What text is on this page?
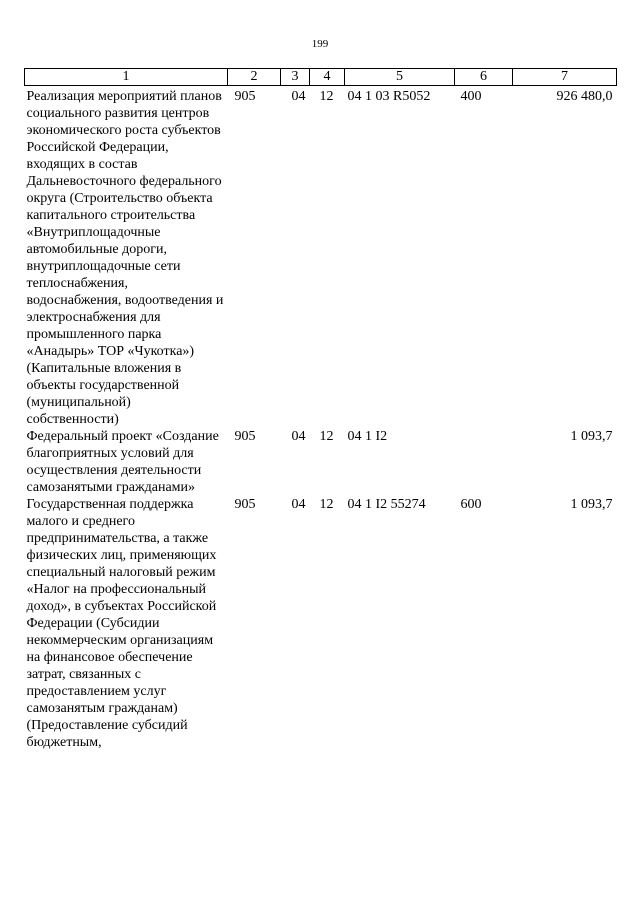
199
1	2	3	4	5	6	7
Реализация мероприятий планов социального развития центров экономического роста субъектов Российской Федерации, входящих в состав Дальневосточного федерального округа (Строительство объекта капитального строительства «Внутриплощадочные автомобильные дороги, внутриплощадочные сети теплоснабжения, водоснабжения, водоотведения и электроснабжения для промышленного парка «Анадырь» ТОР «Чукотка») (Капитальные вложения в объекты государственной (муниципальной) собственности)	905	04	12	04 1 03 R5052	400	926 480,0
Федеральный проект «Создание благоприятных условий для осуществления деятельности самозанятыми гражданами»	905	04	12	04 1 I2		1 093,7
Государственная поддержка малого и среднего предпринимательства, а также физических лиц, применяющих специальный налоговый режим «Налог на профессиональный доход», в субъектах Российской Федерации (Субсидии некоммерческим организациям на финансовое обеспечение затрат, связанных с предоставлением услуг самозанятым гражданам) (Предоставление субсидий бюджетным,	905	04	12	04 1 I2 55274	600	1 093,7
